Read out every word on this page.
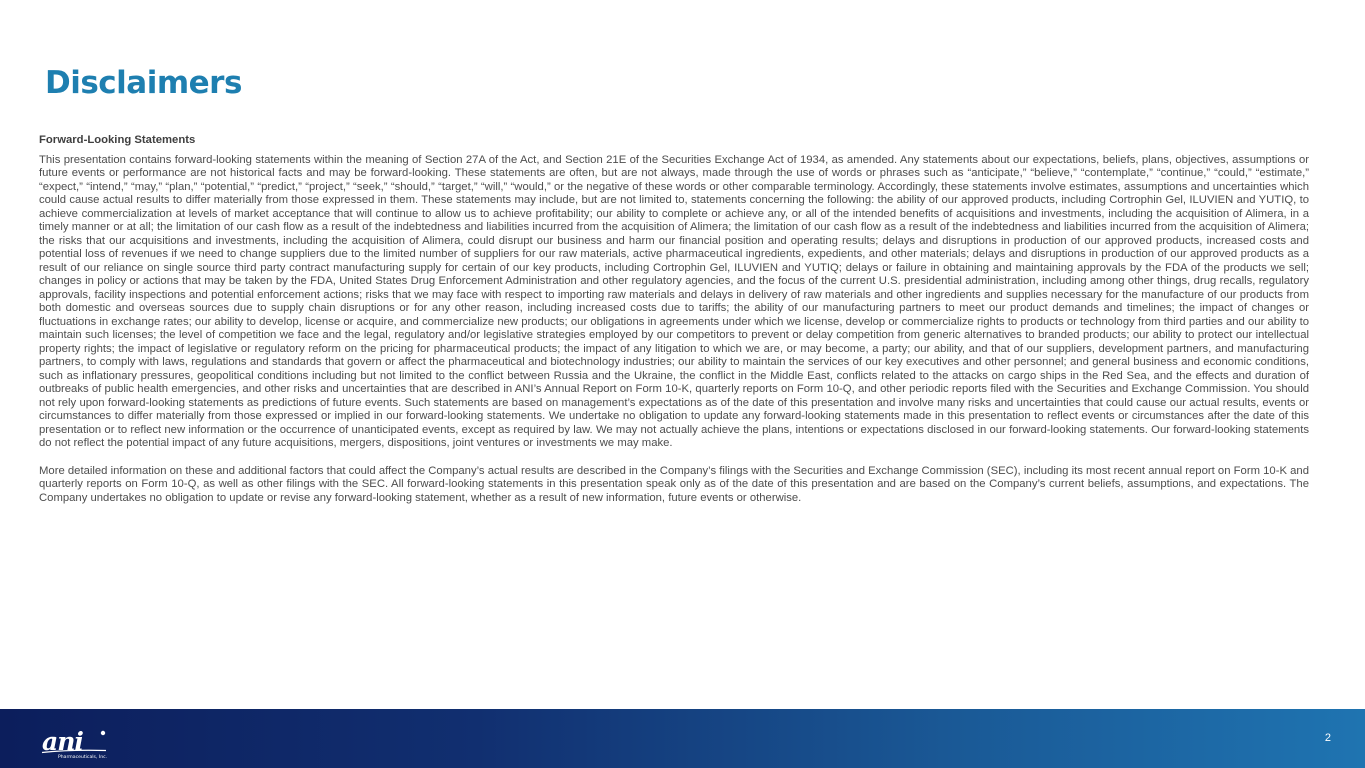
Disclaimers
Forward-Looking Statements

This presentation contains forward-looking statements within the meaning of Section 27A of the Act, and Section 21E of the Securities Exchange Act of 1934, as amended. Any statements about our expectations, beliefs, plans, objectives, assumptions or future events or performance are not historical facts and may be forward-looking. These statements are often, but are not always, made through the use of words or phrases such as “anticipate,” “believe,” “contemplate,” “continue,” “could,” “estimate,” “expect,” “intend,” “may,” “plan,” “potential,” “predict,” “project,” “seek,” “should,” “target,” “will,” “would,” or the negative of these words or other comparable terminology. Accordingly, these statements involve estimates, assumptions and uncertainties which could cause actual results to differ materially from those expressed in them. These statements may include, but are not limited to, statements concerning the following: the ability of our approved products, including Cortrophin Gel, ILUVIEN and YUTIQ, to achieve commercialization at levels of market acceptance that will continue to allow us to achieve profitability; our ability to complete or achieve any, or all of the intended benefits of acquisitions and investments, including the acquisition of Alimera, in a timely manner or at all; the limitation of our cash flow as a result of the indebtedness and liabilities incurred from the acquisition of Alimera; the limitation of our cash flow as a result of the indebtedness and liabilities incurred from the acquisition of Alimera; the risks that our acquisitions and investments, including the acquisition of Alimera, could disrupt our business and harm our financial position and operating results; delays and disruptions in production of our approved products, increased costs and potential loss of revenues if we need to change suppliers due to the limited number of suppliers for our raw materials, active pharmaceutical ingredients, expedients, and other materials; delays and disruptions in production of our approved products as a result of our reliance on single source third party contract manufacturing supply for certain of our key products, including Cortrophin Gel, ILUVIEN and YUTIQ; delays or failure in obtaining and maintaining approvals by the FDA of the products we sell; changes in policy or actions that may be taken by the FDA, United States Drug Enforcement Administration and other regulatory agencies, and the focus of the current U.S. presidential administration, including among other things, drug recalls, regulatory approvals, facility inspections and potential enforcement actions; risks that we may face with respect to importing raw materials and delays in delivery of raw materials and other ingredients and supplies necessary for the manufacture of our products from both domestic and overseas sources due to supply chain disruptions or for any other reason, including increased costs due to tariffs; the ability of our manufacturing partners to meet our product demands and timelines; the impact of changes or fluctuations in exchange rates; our ability to develop, license or acquire, and commercialize new products; our obligations in agreements under which we license, develop or commercialize rights to products or technology from third parties and our ability to maintain such licenses; the level of competition we face and the legal, regulatory and/or legislative strategies employed by our competitors to prevent or delay competition from generic alternatives to branded products; our ability to protect our intellectual property rights; the impact of legislative or regulatory reform on the pricing for pharmaceutical products; the impact of any litigation to which we are, or may become, a party; our ability, and that of our suppliers, development partners, and manufacturing partners, to comply with laws, regulations and standards that govern or affect the pharmaceutical and biotechnology industries; our ability to maintain the services of our key executives and other personnel; and general business and economic conditions, such as inflationary pressures, geopolitical conditions including but not limited to the conflict between Russia and the Ukraine, the conflict in the Middle East, conflicts related to the attacks on cargo ships in the Red Sea, and the effects and duration of outbreaks of public health emergencies, and other risks and uncertainties that are described in ANI’s Annual Report on Form 10-K, quarterly reports on Form 10-Q, and other periodic reports filed with the Securities and Exchange Commission. You should not rely upon forward-looking statements as predictions of future events. Such statements are based on management’s expectations as of the date of this presentation and involve many risks and uncertainties that could cause our actual results, events or circumstances to differ materially from those expressed or implied in our forward-looking statements. We undertake no obligation to update any forward-looking statements made in this presentation to reflect events or circumstances after the date of this presentation or to reflect new information or the occurrence of unanticipated events, except as required by law. We may not actually achieve the plans, intentions or expectations disclosed in our forward-looking statements. Our forward-looking statements do not reflect the potential impact of any future acquisitions, mergers, dispositions, joint ventures or investments we may make.

More detailed information on these and additional factors that could affect the Company’s actual results are described in the Company’s filings with the Securities and Exchange Commission (SEC), including its most recent annual report on Form 10-K and quarterly reports on Form 10-Q, as well as other filings with the SEC. All forward-looking statements in this presentation speak only as of the date of this presentation and are based on the Company’s current beliefs, assumptions, and expectations. The Company undertakes no obligation to update or revise any forward-looking statement, whether as a result of new information, future events or otherwise.

ani
Pharmaceuticals, Inc.
2
